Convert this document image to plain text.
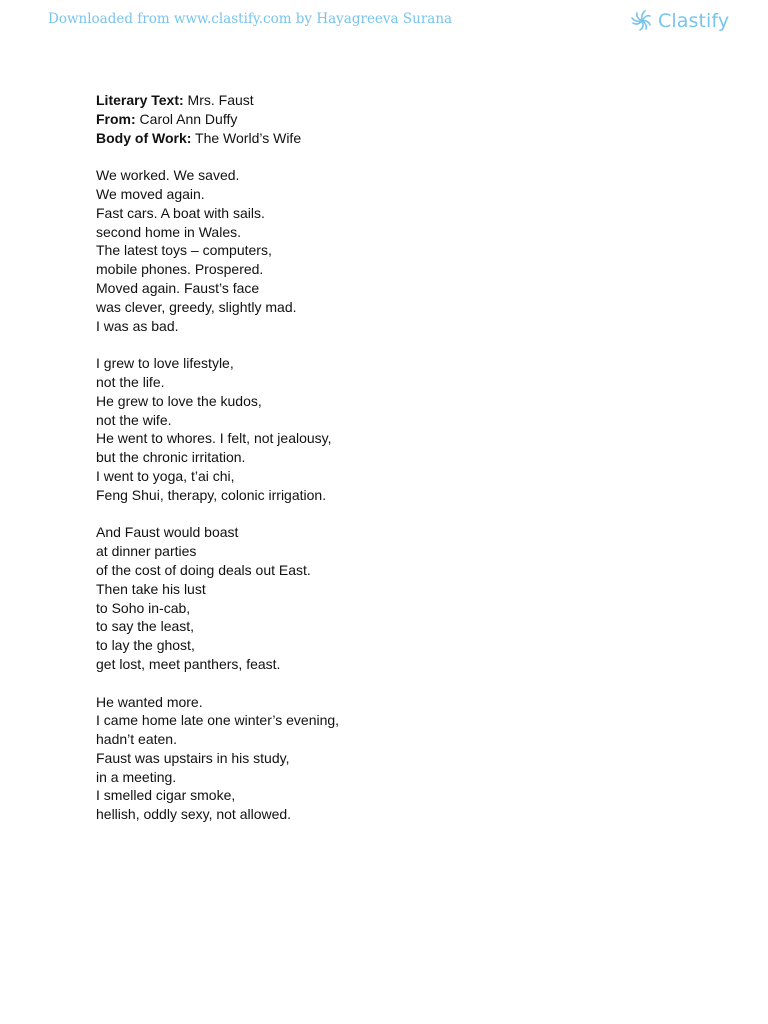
Downloaded from www.clastify.com by Hayagreeva Surana	Clastify
Literary Text: Mrs. Faust
From: Carol Ann Duffy
Body of Work: The World’s Wife
We worked. We saved.
We moved again.
Fast cars. A boat with sails.
second home in Wales.
The latest toys – computers,
mobile phones. Prospered.
Moved again. Faust’s face
was clever, greedy, slightly mad.
I was as bad.
I grew to love lifestyle,
not the life.
He grew to love the kudos,
not the wife.
He went to whores. I felt, not jealousy,
but the chronic irritation.
I went to yoga, t’ai chi,
Feng Shui, therapy, colonic irrigation.
And Faust would boast
at dinner parties
of the cost of doing deals out East.
Then take his lust
to Soho in-cab,
to say the least,
to lay the ghost,
get lost, meet panthers, feast.
He wanted more.
I came home late one winter’s evening,
hadn’t eaten.
Faust was upstairs in his study,
in a meeting.
I smelled cigar smoke,
hellish, oddly sexy, not allowed.
